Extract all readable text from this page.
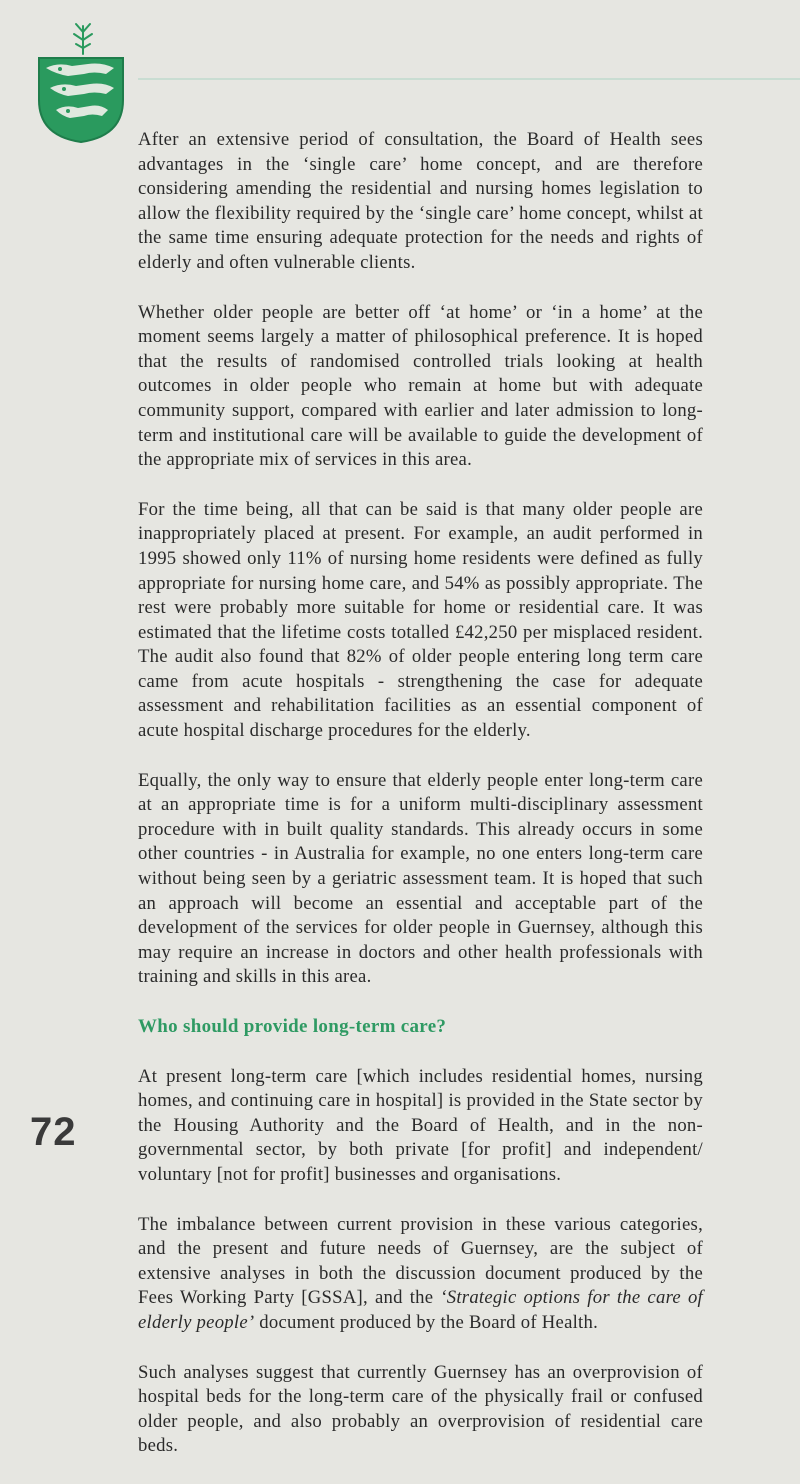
After an extensive period of consultation, the Board of Health sees advantages in the ‘single care’ home concept, and are therefore considering amending the residential and nursing homes legislation to allow the flexibility required by the ‘single care’ home concept, whilst at the same time ensuring adequate protection for the needs and rights of elderly and often vulnerable clients.

Whether older people are better off ‘at home’ or ‘in a home’ at the moment seems largely a matter of philosophical preference. It is hoped that the results of randomised controlled trials looking at health outcomes in older people who remain at home but with adequate community support, compared with earlier and later admission to long-term and institutional care will be available to guide the development of the appropriate mix of services in this area.

For the time being, all that can be said is that many older people are inappropriately placed at present. For example, an audit performed in 1995 showed only 11% of nursing home residents were defined as fully appropriate for nursing home care, and 54% as possibly appropriate. The rest were probably more suitable for home or residential care. It was estimated that the lifetime costs totalled £42,250 per misplaced resident. The audit also found that 82% of older people entering long term care came from acute hospitals - strengthening the case for adequate assessment and rehabilitation facilities as an essential component of acute hospital discharge procedures for the elderly.

Equally, the only way to ensure that elderly people enter long-term care at an appropriate time is for a uniform multi-disciplinary assessment procedure with in built quality standards. This already occurs in some other countries - in Australia for example, no one enters long-term care without being seen by a geriatric assessment team. It is hoped that such an approach will become an essential and acceptable part of the development of the services for older people in Guernsey, although this may require an increase in doctors and other health professionals with training and skills in this area.

Who should provide long-term care?

At present long-term care [which includes residential homes, nursing homes, and continuing care in hospital] is provided in the State sector by the Housing Authority and the Board of Health, and in the non-governmental sector, by both private [for profit] and independent/ voluntary [not for profit] businesses and organisations.

The imbalance between current provision in these various categories, and the present and future needs of Guernsey, are the subject of extensive analyses in both the discussion document produced by the Fees Working Party [GSSA], and the ‘Strategic options for the care of elderly people’ document produced by the Board of Health.

Such analyses suggest that currently Guernsey has an overprovision of hospital beds for the long-term care of the physically frail or confused older people, and also probably an overprovision of residential care beds.

72
